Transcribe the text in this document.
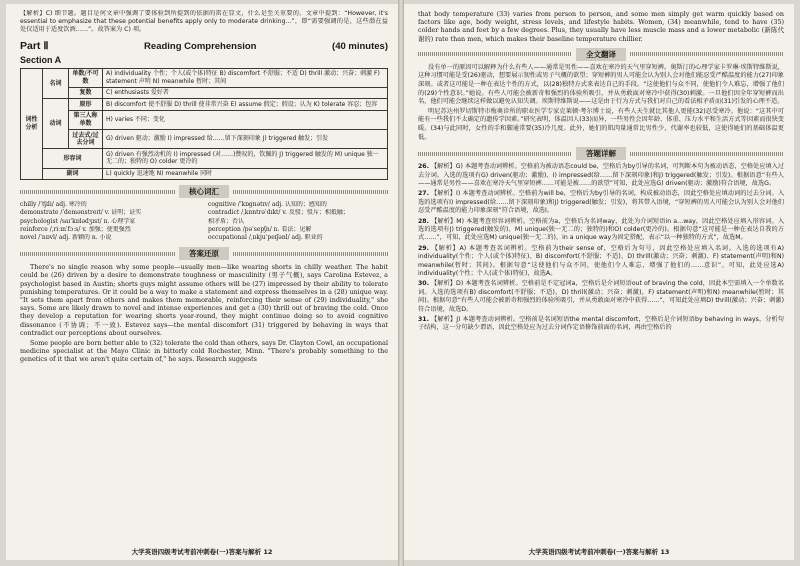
【解析】C) 细节题。题目是何文章中强调了要体验到所提到的依据的雷在显文，什么是至关重要的。文章中提到：“However, it's essential to emphasize that these potential benefits apply only to moderate drinking...”，即“需要强调的是，这些潜在益处仅适用于适度饮酒……”。故答案为 C) 项。

Part Ⅱ	Reading Comprehension	(40 minutes)
Section A
词性分析	名词	单数/不可数	A) individuality 个性；个人(或个体)特征 B) discomfort 不舒服；不适 D) thrill 激动；兴奋；刺激 F) statement 声明 N) meanwhile 暂时；其间
		复数	C) enthusiasts 爱好者
	动词	原形	B) discomfort 使不舒服 D) thrill 使非常兴奋 E) assume 假定；假设；认为 K) tolerate 容忍；包容
		第三人称单数	H) varies 不同；变化
		过去式/过去分词	G) driven 驱动；激励 I) impressed 给……留下深刻印象 J) triggered 触发；引发
	形容词		G) driven 有强烈动机的 I) impressed (对……)赞叹的，钦佩的 J) triggered 触发的 M) unique 独一无二的；独特的 O) colder 更冷的
	副词		L) quickly 迅速地 N) meanwhile 同时
核心词汇
chilly /ˈtʃɪli/ adj. 寒冷的	cognitive /ˈkɒgnətɪv/ adj. 认知的；感知的
demonstrate /ˈdemənstreɪt/ v. 证明；证实	contradict /ˌkɒntrəˈdɪkt/ v. 反驳；驳斥；相抵触；
psychologist /saɪˈkɒlədʒɪst/ n. 心理学家	相矛盾；否认
reinforce /ˌriːɪnˈfɔːs/ v. 加强；使更强烈	perception /pəˈsepʃn/ n. 看法；见解
novel /ˈnɒvl/ adj. 新颖的 n. 小说	occupational /ˌɒkjuˈpeɪʃənl/ adj. 职业的
答案还原

There's no single reason why some people—usually men—like wearing shorts in chilly weather. The habit could be (26) driven by a desire to demonstrate toughness or masculinity (男子气概), says Carolina Estevez, a psychologist based in Austin; shorts guys might assume others will be (27) impressed by their ability to tolerate punishing temperatures. Or it could be a way to make a statement and express themselves in a (28) unique way. "It sets them apart from others and makes them memorable, reinforcing their sense of (29) individuality," she says. Some are likely drawn to novel and intense experiences and get a (30) thrill out of braving the cold. Once they develop a reputation for wearing shorts year-round, they might continue doing so to avoid cognitive dissonance (不协调；不一致). Estevez says—the mental discomfort (31) triggered by behaving in ways that contradict our perceptions about ourselves.

Some people are born better able to (32) tolerate the cold than others, says Dr. Clayton Cowl, an occupational medicine specialist at the Mayo Clinic in bitterly cold Rochester, Minn. "There's probably something to the genetics of it that we aren't quite certain of," he says. Research suggests

大学英语四级考试考前冲刺卷(一)答案与解析 12

that body temperature (33) varies from person to person, and some men simply get warm quickly based on factors like age, body weight, stress levels, and lifestyle habits. Women, (34) meanwhile, tend to have (35) colder hands and feet by a few degrees. Plus, they usually have less muscle mass and a lower metabolic (新陈代谢的) rate than men, which makes their baseline temperature chillier.

全文翻译

没有单一的原因可以解释为什么有些人——通常是男性——喜欢在寒冷的天气里穿短裤。奥斯汀的心理学家卡罗琳·埃斯特维斯说，这种习惯可能是受(26)驱动，想要展示韧性或男子气概的欲望；穿短裤的男人可能会认为别人会对他们能忍受严酷温度的能力(27)印象深刻。或者这可能是一种在表达个性的方式，以(28)独特方式来表达自己的手段。“这使他们与众不同，使他们令人难忘，增强了他们的(29)个性意识。”她说。有些人可能会被新奇和强烈的体验所吸引，并从勇敢面对寒冷中获得(30)刺激。一旦他们因全年穿短裤而出名，他们可能会继续这样做以避免认知失调。埃斯特维斯说——这是由于行为方式与我们对自己的看法相矛盾而(31)引发的心理不适。

明尼苏达州罗切斯特市梅奥诊所的职业医学专家克莱顿·考尔博士说，有些人天生就比其他人更能(32)忍受寒冷。他说：“这其中可能有一些我们不太确定的遗传学因素。”研究表明，体温因人(33)而异，一些男性会因年龄、体重、压力水平和生活方式等因素而很快变暖。(34)与此同时，女性的手和脚通常要(35)冷几度。此外，她们的肌肉量通常比男性少，代谢率也较低，这使得她们的基础体温更低。

答题详解

26. 【解析】G) 本题考查动词辨析。空格前为被动语态could be，空格后为by引导的名词，可判断本句为被动语态，空格处应填入过去分词。入选的选项有G) driven(驱动；激励)、I) impressed(给……留下深刻印象)和J) triggered(触发；引发)。根据语意“有些人——通常是男性——喜欢在寒冷天气里穿短裤……可能是被……的欲望”可知，此处应选G) driven(驱动；激励)符合语境，故选G。

27. 【解析】I) 本题考查动词辨析。空格前为will be，空格后为by引导的名词，构成被动语态，因此空格处应填动词的过去分词。入选的选项有I) impressed(给……留下深刻印象)和J) triggered(触发；引发)，将其带入语境，“穿短裤的男人可能会认为别人会对他们忍受严酷温度的能力印象深刻”符合语境，故选I。

28. 【解析】M) 本题考查形容词辨析。空格前为a，空格后为名词way，此处为介词短语in a…way，因此空格处应填入形容词。入选的选项有J) triggered(触发的)、M) unique(独一无二的；独特的)和O) colder(更冷的)。根据句意“这可能是一种在表达自我的方式……”，可知，此处应选M) unique(独一无二的)，in a unique way为固定搭配，表示“以一种独特的方式”，故选M。

29. 【解析】A) 本题考查名词辨析。空格前为their sense of，空格后为句号，因此空格处应填入名词。入选的选项有A) individuality(个性；个人(或个体)特征)、B) discomfort(不舒服；不适)、D) thrill(激动；兴奋；刺激)、F) statement(声明)和N) meanwhile(暂时；其间)。根据句意“这使他们与众不同，使他们令人难忘，增强了他们的……意识”，可知，此处应选A) individuality(个性；个人(或个体)特征)，故选A。

30. 【解析】D) 本题考查名词辨析。空格前是不定冠词a，空格后是介词短语out of braving the cold，因此本空需填入一个单数名词。入选的选项有B) discomfort(不舒服；不适)，D) thrill(激动；兴奋；刺激)，F) statement(声明)和N) meanwhile(暂时；其间)。根据句意“有些人可能会被新奇和强烈的体验所吸引，并从勇敢面对寒冷中获得……”，可知此处应填D) thrill(激动；兴奋；刺激)符合语境，故选D。

31. 【解析】J) 本题考查动词辨析。空格前是名词短语the mental discomfort，空格后是介词短语by behaving in ways，分析句子结构，这一分句缺少谓语，因此空格处应为过去分词作定语修饰前面的名词，再由空格后的

大学英语四级考试考前冲刺卷(一)答案与解析 13
